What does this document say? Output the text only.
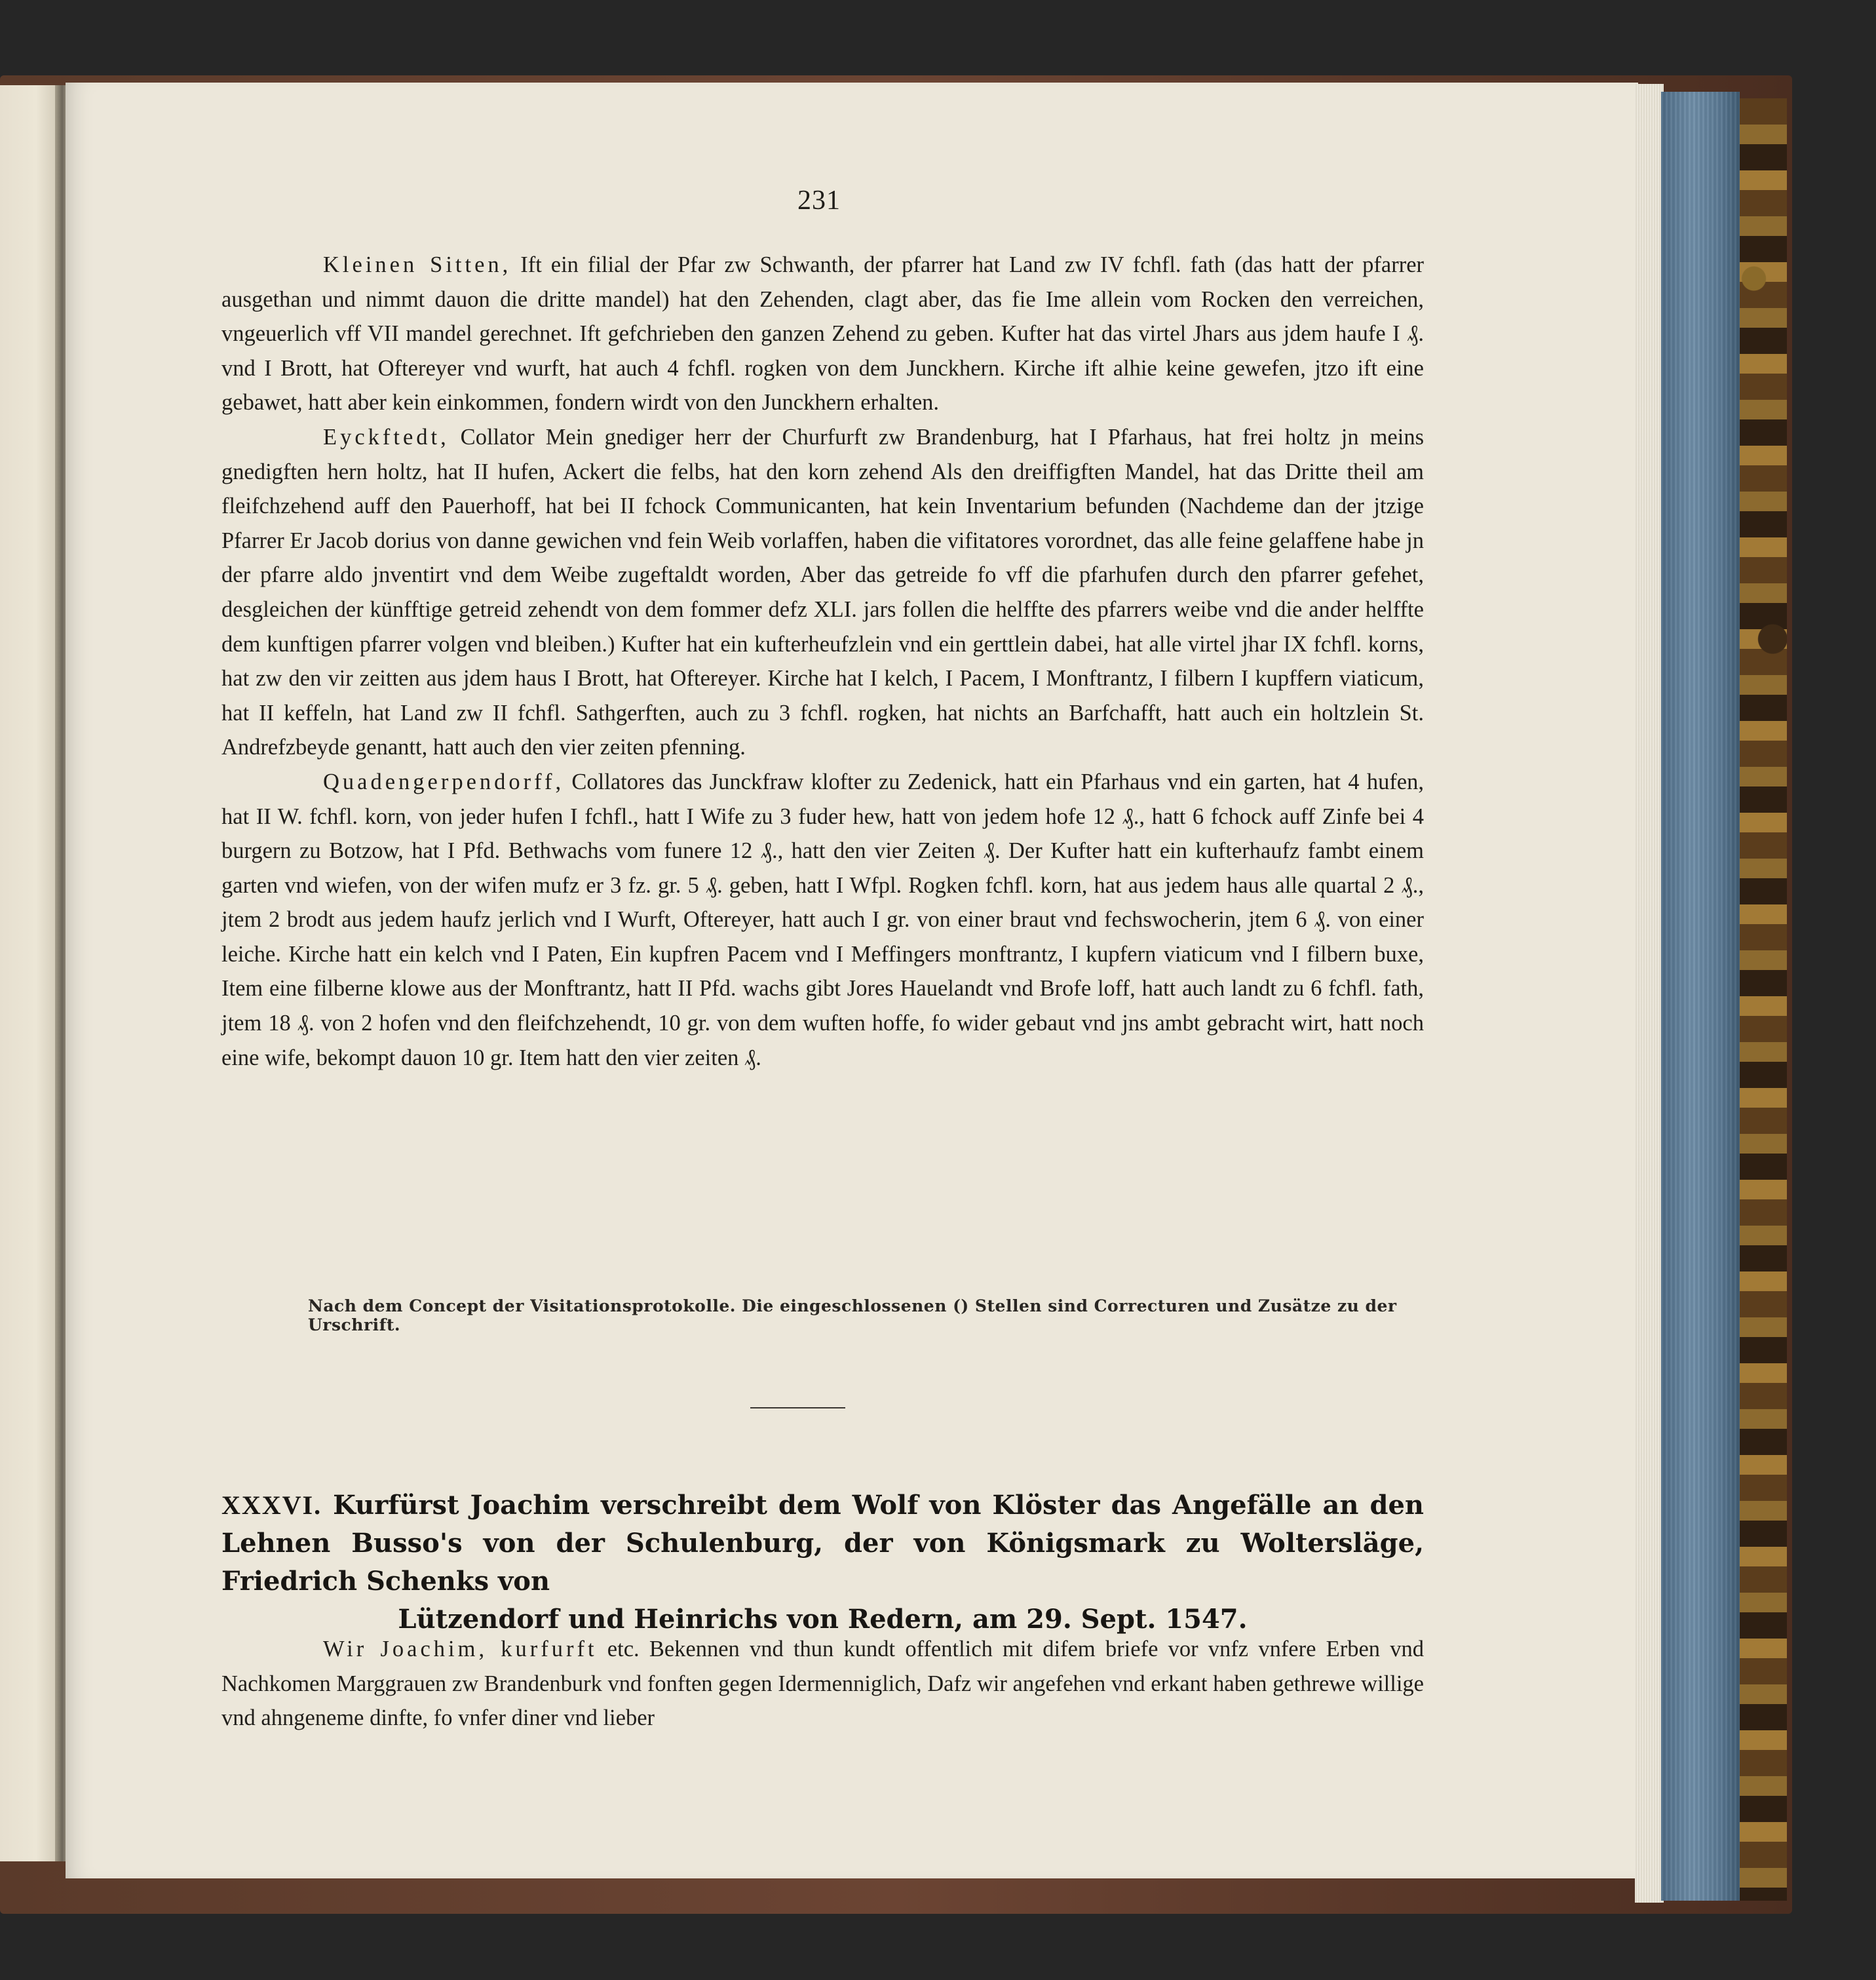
231

Kleinen Sitten, Ift ein filial der Pfar zw Schwanth, der pfarrer hat Land zw IV fchfl. fath (das hatt der pfarrer ausgethan und nimmt dauon die dritte mandel) hat den Zehenden, clagt aber, das fie Ime allein vom Rocken den verreichen, vngeuerlich vff VII mandel gerechnet. Ift gefchrieben den ganzen Zehend zu geben. Kufter hat das virtel Jhars aus jdem haufe I ₰. vnd I Brott, hat Oftereyer vnd wurft, hat auch 4 fchfl. rogken von dem Junckhern. Kirche ift alhie keine gewefen, jtzo ift eine gebawet, hatt aber kein einkommen, fondern wirdt von den Junckhern erhalten.

Eyckftedt, Collator Mein gnediger herr der Churfurft zw Brandenburg, hat I Pfarhaus, hat frei holtz jn meins gnedigften hern holtz, hat II hufen, Ackert die felbs, hat den korn zehend Als den dreiffigften Mandel, hat das Dritte theil am fleifchzehend auff den Pauerhoff, hat bei II fchock Communicanten, hat kein Inventarium befunden (Nachdeme dan der jtzige Pfarrer Er Jacob dorius von danne gewichen vnd fein Weib vorlaffen, haben die vifitatores vorordnet, das alle feine gelaffene habe jn der pfarre aldo jnventirt vnd dem Weibe zugeftaldt worden, Aber das getreide fo vff die pfarhufen durch den pfarrer gefehet, desgleichen der künfftige getreid zehendt von dem fommer defz XLI. jars follen die helffte des pfarrers weibe vnd die ander helffte dem kunftigen pfarrer volgen vnd bleiben.) Kufter hat ein kufterheufzlein vnd ein gerttlein dabei, hat alle virtel jhar IX fchfl. korns, hat zw den vir zeitten aus jdem haus I Brott, hat Oftereyer. Kirche hat I kelch, I Pacem, I Monftrantz, I filbern I kupffern viaticum, hat II keffeln, hat Land zw II fchfl. Sathgerften, auch zu 3 fchfl. rogken, hat nichts an Barfchafft, hatt auch ein holtzlein St. Andrefzbeyde genantt, hatt auch den vier zeiten pfenning.

Quadengerpendorff, Collatores das Junckfraw klofter zu Zedenick, hatt ein Pfarhaus vnd ein garten, hat 4 hufen, hat II W. fchfl. korn, von jeder hufen I fchfl., hatt I Wife zu 3 fuder hew, hatt von jedem hofe 12 ₰., hatt 6 fchock auff Zinfe bei 4 burgern zu Botzow, hat I Pfd. Bethwachs vom funere 12 ₰., hatt den vier Zeiten ₰. Der Kufter hatt ein kufterhaufz fambt einem garten vnd wiefen, von der wifen mufz er 3 fz. gr. 5 ₰. geben, hatt I Wfpl. Rogken fchfl. korn, hat aus jedem haus alle quartal 2 ₰., jtem 2 brodt aus jedem haufz jerlich vnd I Wurft, Oftereyer, hatt auch I gr. von einer braut vnd fechswocherin, jtem 6 ₰. von einer leiche. Kirche hatt ein kelch vnd I Paten, Ein kupfren Pacem vnd I Meffingers monftrantz, I kupfern viaticum vnd I filbern buxe, Item eine filberne klowe aus der Monftrantz, hatt II Pfd. wachs gibt Jores Hauelandt vnd Brofe loff, hatt auch landt zu 6 fchfl. fath, jtem 18 ₰. von 2 hofen vnd den fleifchzehendt, 10 gr. von dem wuften hoffe, fo wider gebaut vnd jns ambt gebracht wirt, hatt noch eine wife, bekompt dauon 10 gr. Item hatt den vier zeiten ₰.

Nach dem Concept der Visitationsprotokolle. Die eingeschlossenen () Stellen sind Correcturen und Zusätze zu der Urschrift.
XXXVI. Kurfürst Joachim verschreibt dem Wolf von Klöster das Angefälle an den Lehnen Busso's von der Schulenburg, der von Königsmark zu Woltersläge, Friedrich Schenks von
Lützendorf und Heinrichs von Redern, am 29. Sept. 1547.

Wir Joachim, kurfurft etc. Bekennen vnd thun kundt offentlich mit difem briefe vor vnfz vnfere Erben vnd Nachkomen Marggrauen zw Brandenburk vnd fonften gegen Idermenniglich, Dafz wir angefehen vnd erkant haben gethrewe willige vnd ahngeneme dinfte, fo vnfer diner vnd lieber
